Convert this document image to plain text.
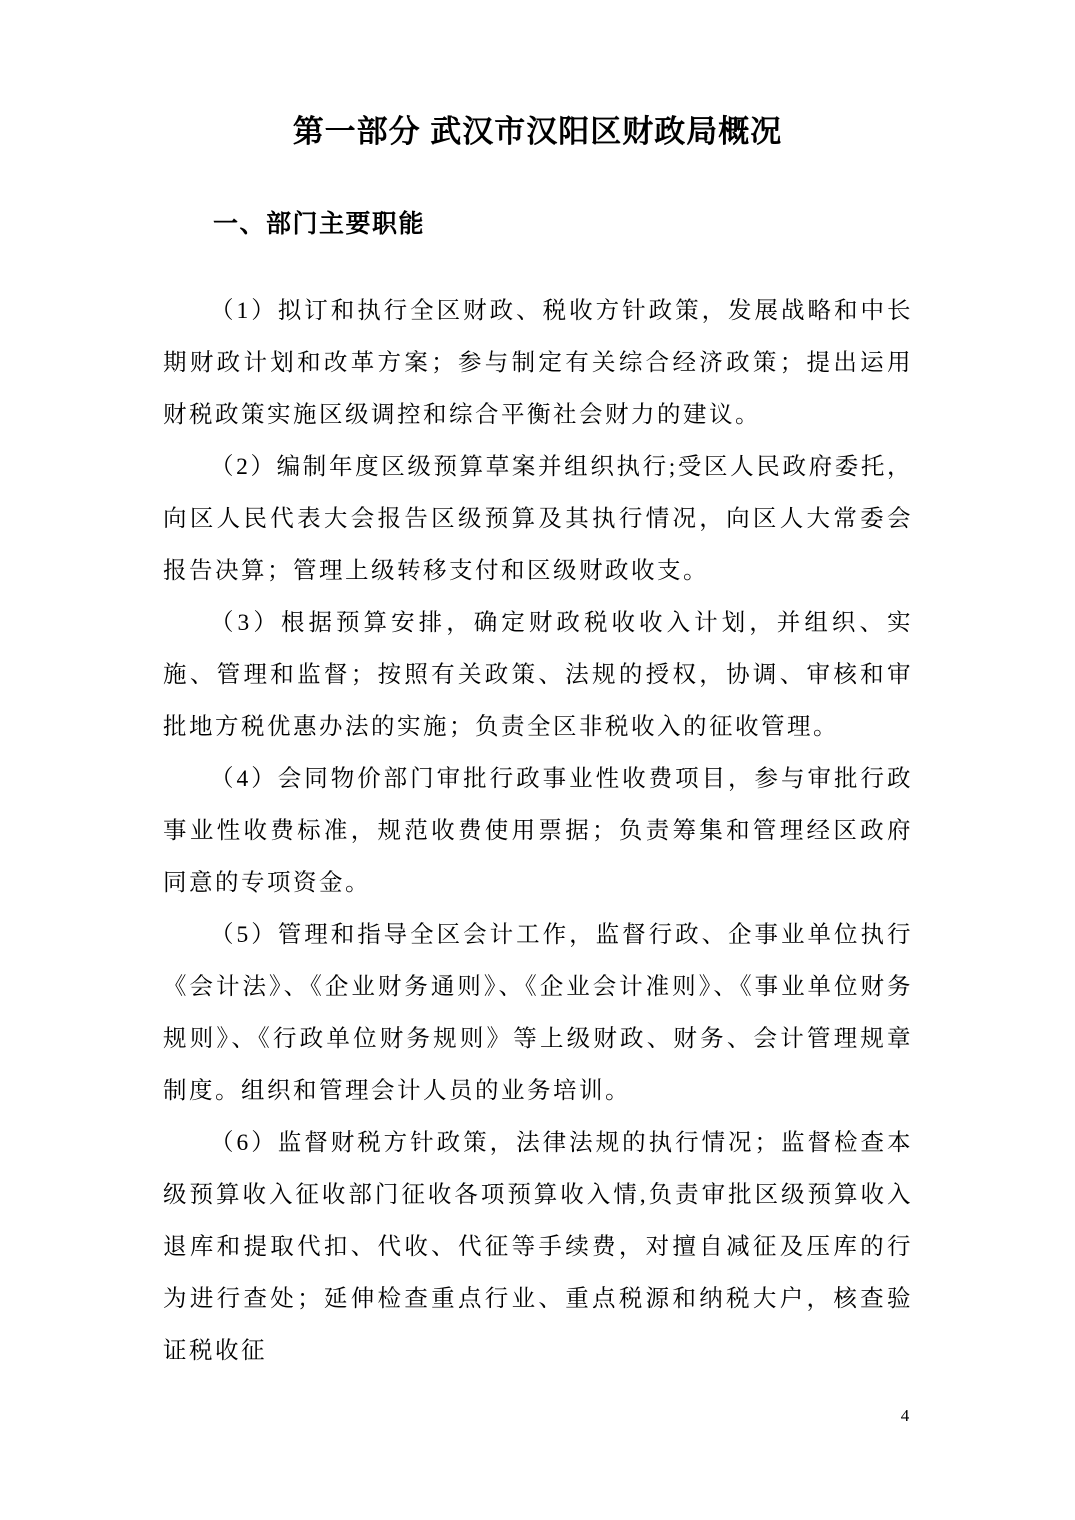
第一部分 武汉市汉阳区财政局概况
一、部门主要职能

（1）拟订和执行全区财政、税收方针政策，发展战略和中长期财政计划和改革方案；参与制定有关综合经济政策；提出运用财税政策实施区级调控和综合平衡社会财力的建议。

（2）编制年度区级预算草案并组织执行;受区人民政府委托，向区人民代表大会报告区级预算及其执行情况，向区人大常委会报告决算；管理上级转移支付和区级财政收支。

（3）根据预算安排，确定财政税收收入计划，并组织、实施、管理和监督；按照有关政策、法规的授权，协调、审核和审批地方税优惠办法的实施；负责全区非税收入的征收管理。

（4）会同物价部门审批行政事业性收费项目，参与审批行政事业性收费标准，规范收费使用票据；负责筹集和管理经区政府同意的专项资金。

（5）管理和指导全区会计工作，监督行政、企事业单位执行《会计法》、《企业财务通则》、《企业会计准则》、《事业单位财务规则》、《行政单位财务规则》等上级财政、财务、会计管理规章制度。组织和管理会计人员的业务培训。

（6）监督财税方针政策，法律法规的执行情况；监督检查本级预算收入征收部门征收各项预算收入情,负责审批区级预算收入退库和提取代扣、代收、代征等手续费，对擅自减征及压库的行为进行查处；延伸检查重点行业、重点税源和纳税大户，核查验证税收征

4
